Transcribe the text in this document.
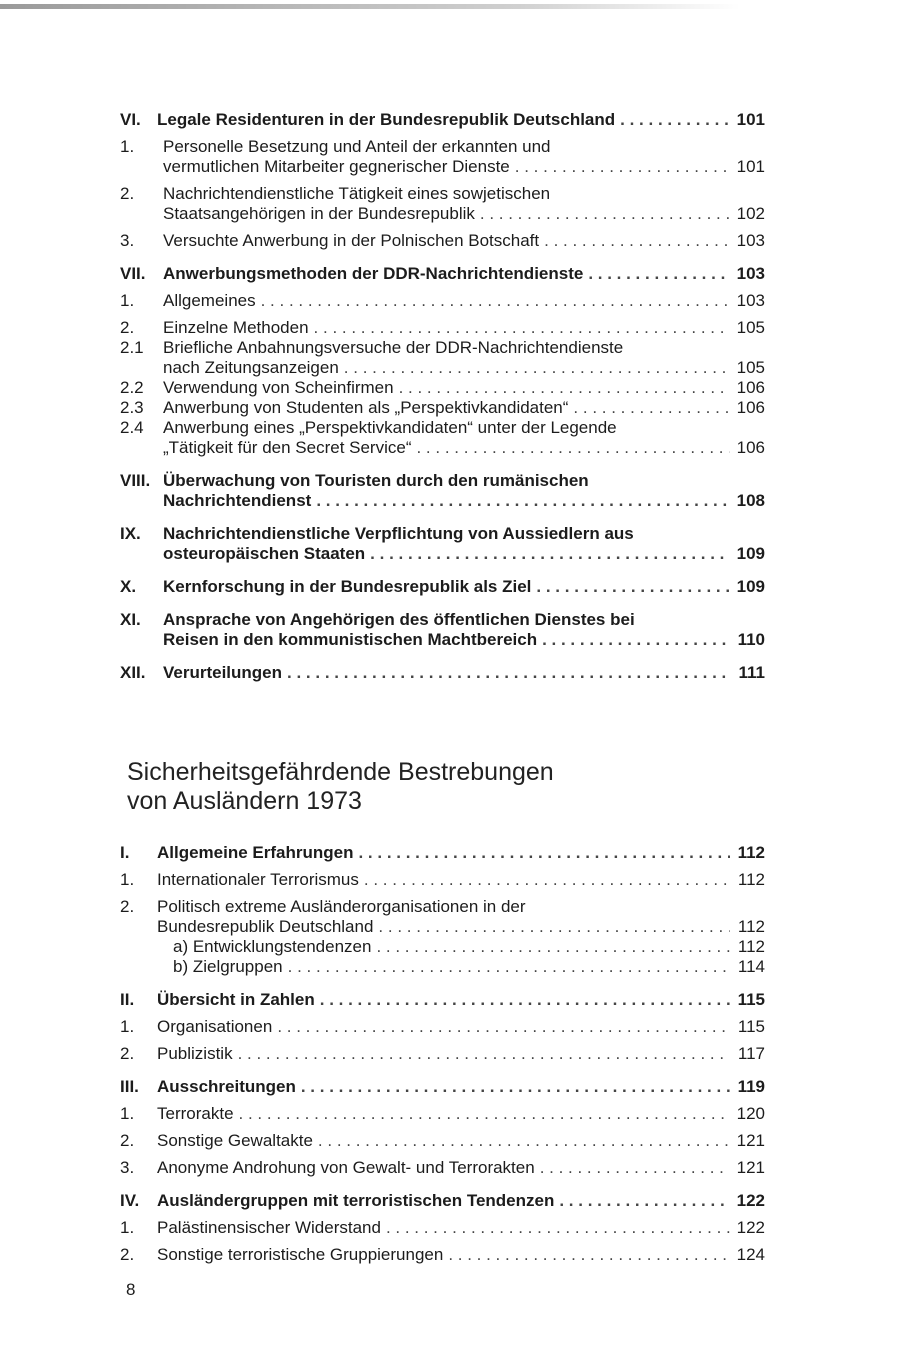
VI. Legale Residenturen in der Bundesrepublik Deutschland . . .	101
1. Personelle Besetzung und Anteil der erkannten und
vermutlichen Mitarbeiter gegnerischer Dienste . . .	101
2. Nachrichtendienstliche Tätigkeit eines sowjetischen
Staatsangehörigen in der Bundesrepublik . . .	102
3. Versuchte Anwerbung in der Polnischen Botschaft . . .	103
VII. Anwerbungsmethoden der DDR-Nachrichtendienste . . .	103
1. Allgemeines . . .	103
2. Einzelne Methoden . . .	105
2.1 Briefliche Anbahnungsversuche der DDR-Nachrichtendienste
nach Zeitungsanzeigen . . .	105
2.2 Verwendung von Scheinfirmen . . .	106
2.3 Anwerbung von Studenten als „Perspektivkandidaten“ . . .	106
2.4 Anwerbung eines „Perspektivkandidaten“ unter der Legende
„Tätigkeit für den Secret Service“ . . .	106
VIII. Überwachung von Touristen durch den rumänischen
Nachrichtendienst . . .	108
IX. Nachrichtendienstliche Verpflichtung von Aussiedlern aus
osteuropäischen Staaten . . .	109
X. Kernforschung in der Bundesrepublik als Ziel . . .	109
XI. Ansprache von Angehörigen des öffentlichen Dienstes bei
Reisen in den kommunistischen Machtbereich . . .	110
XII. Verurteilungen . . .	111
Sicherheitsgefährdende Bestrebungen
von Ausländern 1973
I. Allgemeine Erfahrungen . . .	112
1. Internationaler Terrorismus . . .	112
2. Politisch extreme Ausländerorganisationen in der
Bundesrepublik Deutschland . . .	112
a) Entwicklungstendenzen . . .	112
b) Zielgruppen . . .	114
II. Übersicht in Zahlen . . .	115
1. Organisationen . . .	115
2. Publizistik . . .	117
III. Ausschreitungen . . .	119
1. Terrorakte . . .	120
2. Sonstige Gewaltakte . . .	121
3. Anonyme Androhung von Gewalt- und Terrorakten . . .	121
IV. Ausländergruppen mit terroristischen Tendenzen . . .	122
1. Palästinensischer Widerstand . . .	122
2. Sonstige terroristische Gruppierungen . . .	124
8
